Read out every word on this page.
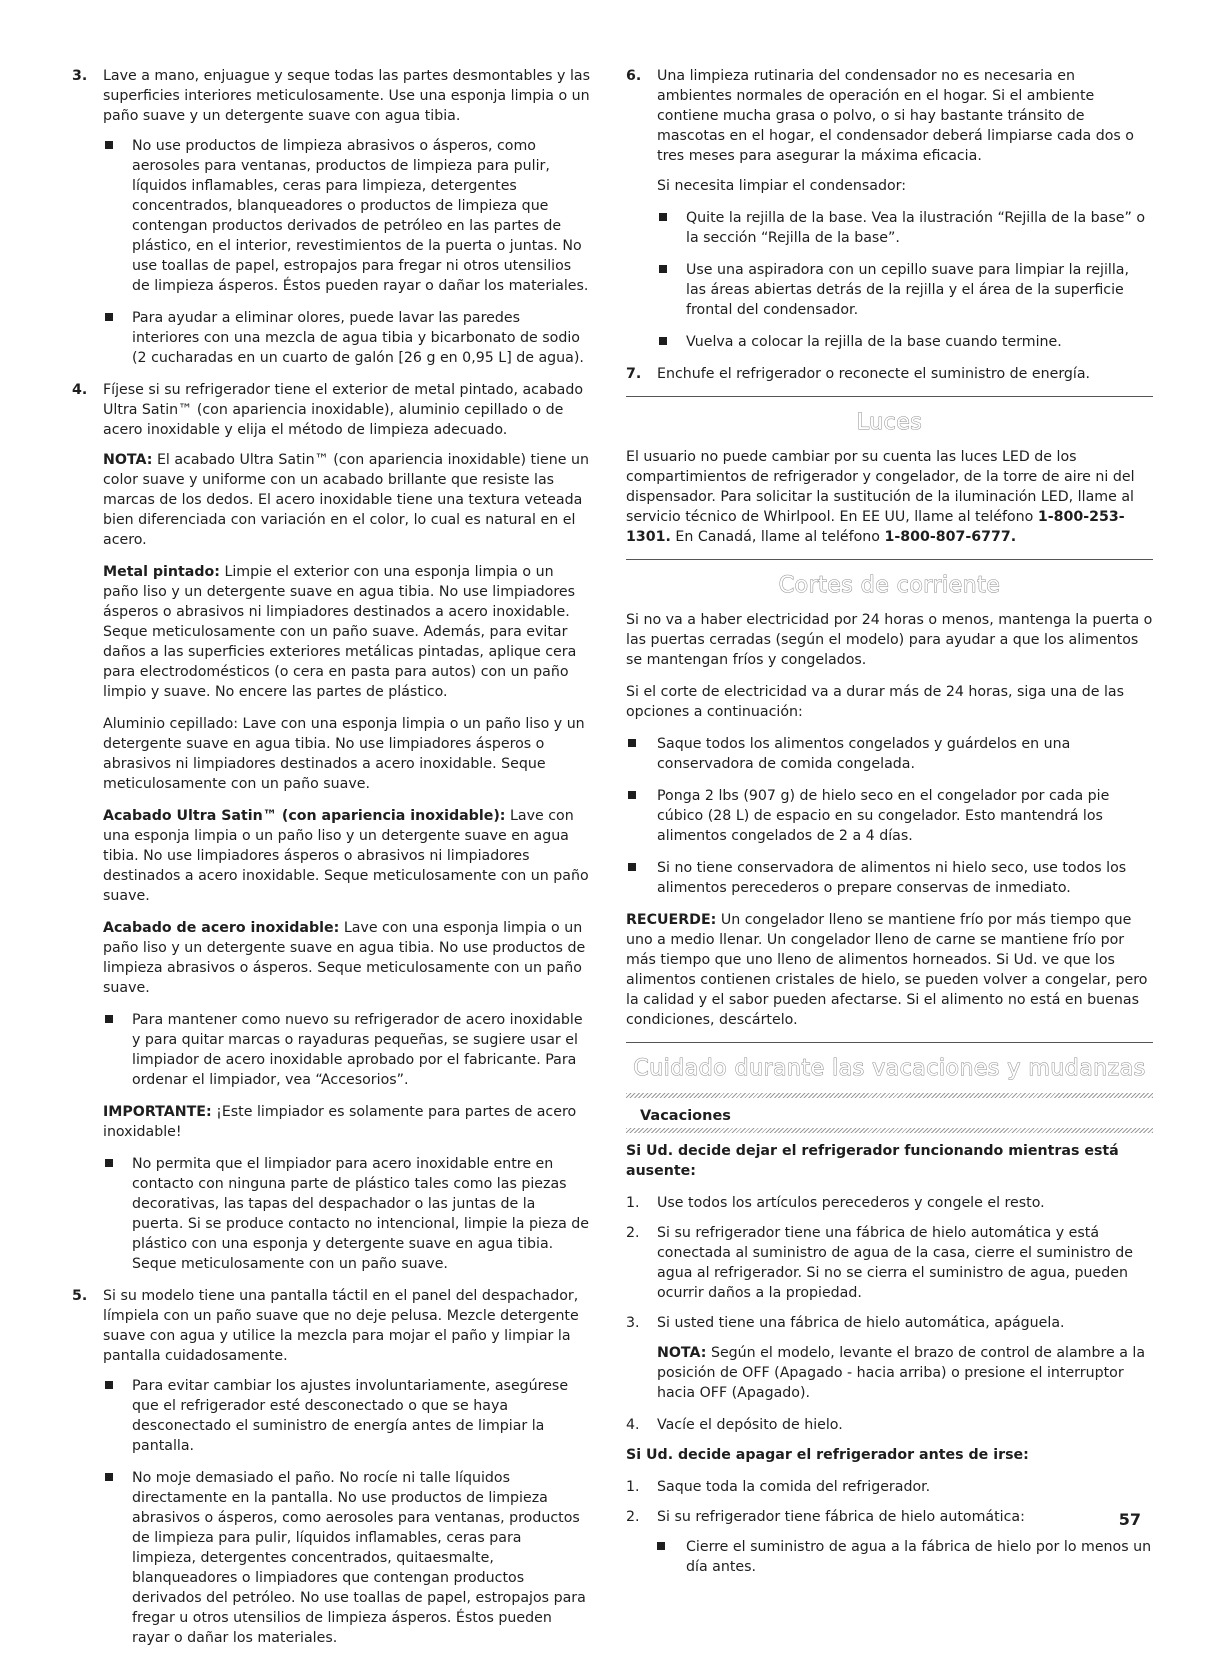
3. Lave a mano, enjuague y seque todas las partes desmontables y las superficies interiores meticulosamente. Use una esponja limpia o un paño suave y un detergente suave con agua tibia.
No use productos de limpieza abrasivos o ásperos, como aerosoles para ventanas, productos de limpieza para pulir, líquidos inflamables, ceras para limpieza, detergentes concentrados, blanqueadores o productos de limpieza que contengan productos derivados de petróleo en las partes de plástico, en el interior, revestimientos de la puerta o juntas. No use toallas de papel, estropajos para fregar ni otros utensilios de limpieza ásperos. Éstos pueden rayar o dañar los materiales.
Para ayudar a eliminar olores, puede lavar las paredes interiores con una mezcla de agua tibia y bicarbonato de sodio (2 cucharadas en un cuarto de galón [26 g en 0,95 L] de agua).
4. Fíjese si su refrigerador tiene el exterior de metal pintado, acabado Ultra Satin™ (con apariencia inoxidable), aluminio cepillado o de acero inoxidable y elija el método de limpieza adecuado.

NOTA: El acabado Ultra Satin™ (con apariencia inoxidable) tiene un color suave y uniforme con un acabado brillante que resiste las marcas de los dedos. El acero inoxidable tiene una textura veteada bien diferenciada con variación en el color, lo cual es natural en el acero.

Metal pintado: Limpie el exterior con una esponja limpia o un paño liso y un detergente suave en agua tibia. No use limpiadores ásperos o abrasivos ni limpiadores destinados a acero inoxidable. Seque meticulosamente con un paño suave. Además, para evitar daños a las superficies exteriores metálicas pintadas, aplique cera para electrodomésticos (o cera en pasta para autos) con un paño limpio y suave. No encere las partes de plástico.

Aluminio cepillado: Lave con una esponja limpia o un paño liso y un detergente suave en agua tibia. No use limpiadores ásperos o abrasivos ni limpiadores destinados a acero inoxidable. Seque meticulosamente con un paño suave.

Acabado Ultra Satin™ (con apariencia inoxidable): Lave con una esponja limpia o un paño liso y un detergente suave en agua tibia. No use limpiadores ásperos o abrasivos ni limpiadores destinados a acero inoxidable. Seque meticulosamente con un paño suave.

Acabado de acero inoxidable: Lave con una esponja limpia o un paño liso y un detergente suave en agua tibia. No use productos de limpieza abrasivos o ásperos. Seque meticulosamente con un paño suave.

Para mantener como nuevo su refrigerador de acero inoxidable y para quitar marcas o rayaduras pequeñas, se sugiere usar el limpiador de acero inoxidable aprobado por el fabricante. Para ordenar el limpiador, vea “Accesorios”.

IMPORTANTE: ¡Este limpiador es solamente para partes de acero inoxidable!

No permita que el limpiador para acero inoxidable entre en contacto con ninguna parte de plástico tales como las piezas decorativas, las tapas del despachador o las juntas de la puerta. Si se produce contacto no intencional, limpie la pieza de plástico con una esponja y detergente suave en agua tibia. Seque meticulosamente con un paño suave.
5. Si su modelo tiene una pantalla táctil en el panel del despachador, límpiela con un paño suave que no deje pelusa. Mezcle detergente suave con agua y utilice la mezcla para mojar el paño y limpiar la pantalla cuidadosamente.
Para evitar cambiar los ajustes involuntariamente, asegúrese que el refrigerador esté desconectado o que se haya desconectado el suministro de energía antes de limpiar la pantalla.
No moje demasiado el paño. No rocíe ni talle líquidos directamente en la pantalla. No use productos de limpieza abrasivos o ásperos, como aerosoles para ventanas, productos de limpieza para pulir, líquidos inflamables, ceras para limpieza, detergentes concentrados, quitaesmalte, blanqueadores o limpiadores que contengan productos derivados del petróleo. No use toallas de papel, estropajos para fregar u otros utensilios de limpieza ásperos. Éstos pueden rayar o dañar los materiales.
6. Una limpieza rutinaria del condensador no es necesaria en ambientes normales de operación en el hogar. Si el ambiente contiene mucha grasa o polvo, o si hay bastante tránsito de mascotas en el hogar, el condensador deberá limpiarse cada dos o tres meses para asegurar la máxima eficacia.

Si necesita limpiar el condensador:

Quite la rejilla de la base. Vea la ilustración “Rejilla de la base” o la sección “Rejilla de la base”.
Use una aspiradora con un cepillo suave para limpiar la rejilla, las áreas abiertas detrás de la rejilla y el área de la superficie frontal del condensador.
Vuelva a colocar la rejilla de la base cuando termine.
7. Enchufe el refrigerador o reconecte el suministro de energía.
Luces

El usuario no puede cambiar por su cuenta las luces LED de los compartimientos de refrigerador y congelador, de la torre de aire ni del dispensador. Para solicitar la sustitución de la iluminación LED, llame al servicio técnico de Whirlpool. En EE UU, llame al teléfono 1-800-253-1301. En Canadá, llame al teléfono 1-800-807-6777.

Cortes de corriente

Si no va a haber electricidad por 24 horas o menos, mantenga la puerta o las puertas cerradas (según el modelo) para ayudar a que los alimentos se mantengan fríos y congelados.

Si el corte de electricidad va a durar más de 24 horas, siga una de las opciones a continuación:

Saque todos los alimentos congelados y guárdelos en una conservadora de comida congelada.
Ponga 2 lbs (907 g) de hielo seco en el congelador por cada pie cúbico (28 L) de espacio en su congelador. Esto mantendrá los alimentos congelados de 2 a 4 días.
Si no tiene conservadora de alimentos ni hielo seco, use todos los alimentos perecederos o prepare conservas de inmediato.

RECUERDE: Un congelador lleno se mantiene frío por más tiempo que uno a medio llenar. Un congelador lleno de carne se mantiene frío por más tiempo que uno lleno de alimentos horneados. Si Ud. ve que los alimentos contienen cristales de hielo, se pueden volver a congelar, pero la calidad y el sabor pueden afectarse. Si el alimento no está en buenas condiciones, descártelo.

Cuidado durante las vacaciones y mudanzas
Vacaciones

Si Ud. decide dejar el refrigerador funcionando mientras está ausente:

1. Use todos los artículos perecederos y congele el resto.
2. Si su refrigerador tiene una fábrica de hielo automática y está conectada al suministro de agua de la casa, cierre el suministro de agua al refrigerador. Si no se cierra el suministro de agua, pueden ocurrir daños a la propiedad.
3. Si usted tiene una fábrica de hielo automática, apáguela.

NOTA: Según el modelo, levante el brazo de control de alambre a la posición de OFF (Apagado - hacia arriba) o presione el interruptor hacia OFF (Apagado).

4. Vacíe el depósito de hielo.

Si Ud. decide apagar el refrigerador antes de irse:

1. Saque toda la comida del refrigerador.
2. Si su refrigerador tiene fábrica de hielo automática:
Cierre el suministro de agua a la fábrica de hielo por lo menos un día antes.
57
